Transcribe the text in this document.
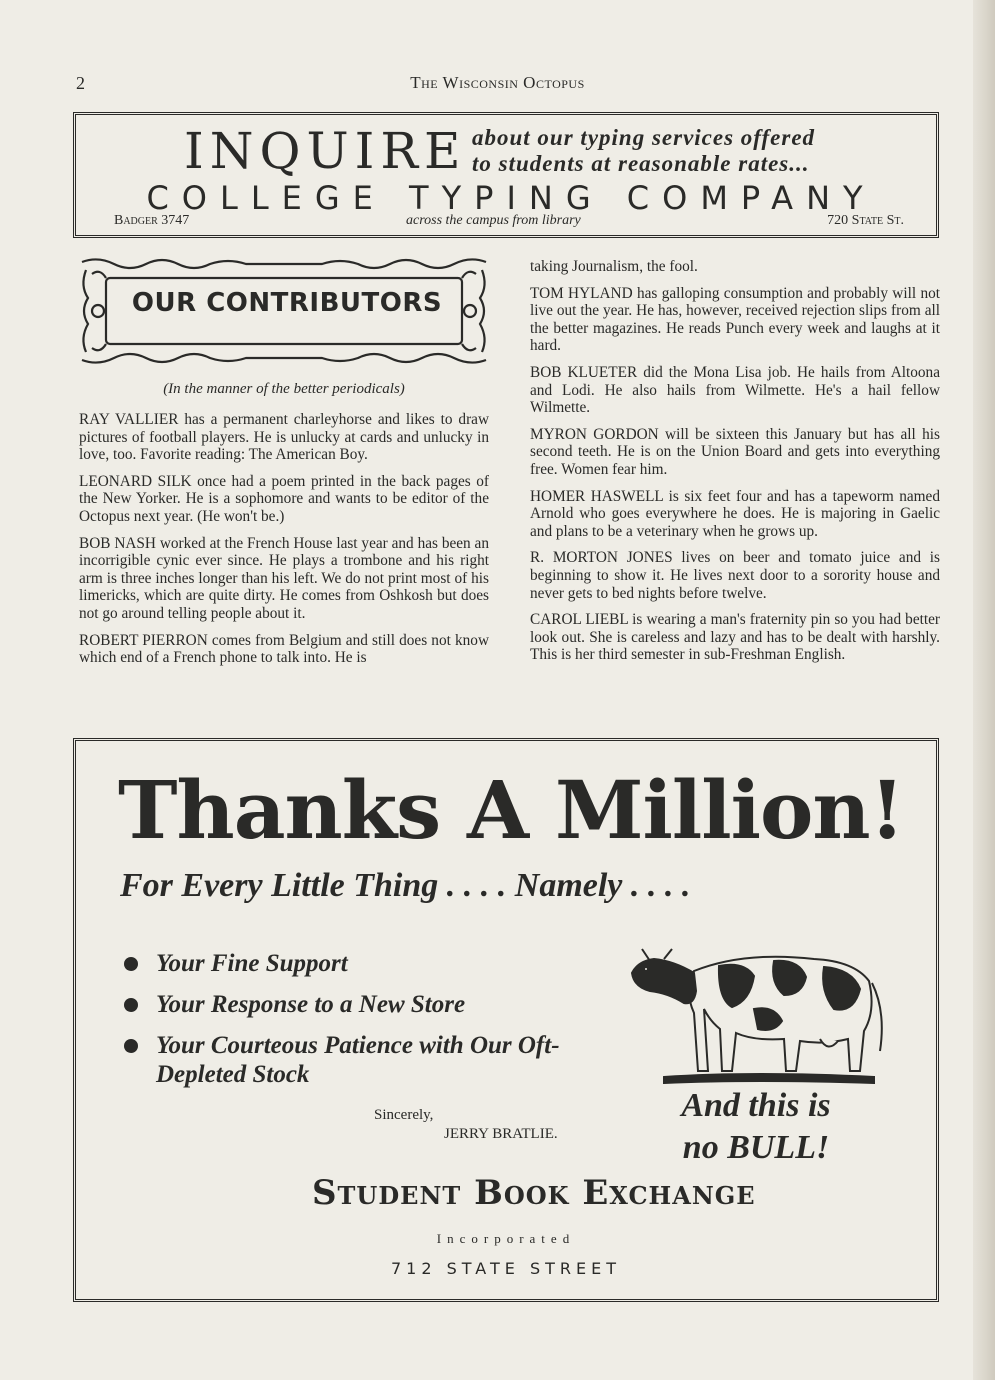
2	The Wisconsin Octopus
INQUIRE about our typing services offered
to students at reasonable rates...
COLLEGE TYPING COMPANY
Badger 3747	across the campus from library	720 State St.
OUR CONTRIBUTORS
(In the manner of the better periodicals)

RAY VALLIER has a permanent charleyhorse and likes to draw pictures of football players. He is unlucky at cards and unlucky in love, too. Favorite reading: The American Boy.

LEONARD SILK once had a poem printed in the back pages of the New Yorker. He is a sophomore and wants to be editor of the Octopus next year. (He won't be.)

BOB NASH worked at the French House last year and has been an incorrigible cynic ever since. He plays a trombone and his right arm is three inches longer than his left. We do not print most of his limericks, which are quite dirty. He comes from Oshkosh but does not go around telling people about it.

ROBERT PIERRON comes from Belgium and still does not know which end of a French phone to talk into. He is

taking Journalism, the fool.

TOM HYLAND has galloping consumption and probably will not live out the year. He has, however, received rejection slips from all the better magazines. He reads Punch every week and laughs at it hard.

BOB KLUETER did the Mona Lisa job. He hails from Altoona and Lodi. He also hails from Wilmette. He's a hail fellow Wilmette.

MYRON GORDON will be sixteen this January but has all his second teeth. He is on the Union Board and gets into everything free. Women fear him.

HOMER HASWELL is six feet four and has a tapeworm named Arnold who goes everywhere he does. He is majoring in Gaelic and plans to be a veterinary when he grows up.

R. MORTON JONES lives on beer and tomato juice and is beginning to show it. He lives next door to a sorority house and never gets to bed nights before twelve.

CAROL LIEBL is wearing a man's fraternity pin so you had better look out. She is careless and lazy and has to be dealt with harshly. This is her third semester in sub-Freshman English.

Thanks A Million!
For Every Little Thing . . . . Namely . . . .
Your Fine Support
Your Response to a New Store
Your Courteous Patience with Our Oft-Depleted Stock
Sincerely,
JERRY BRATLIE.
And this is
no BULL!
Student Book Exchange
Incorporated
712 STATE STREET
